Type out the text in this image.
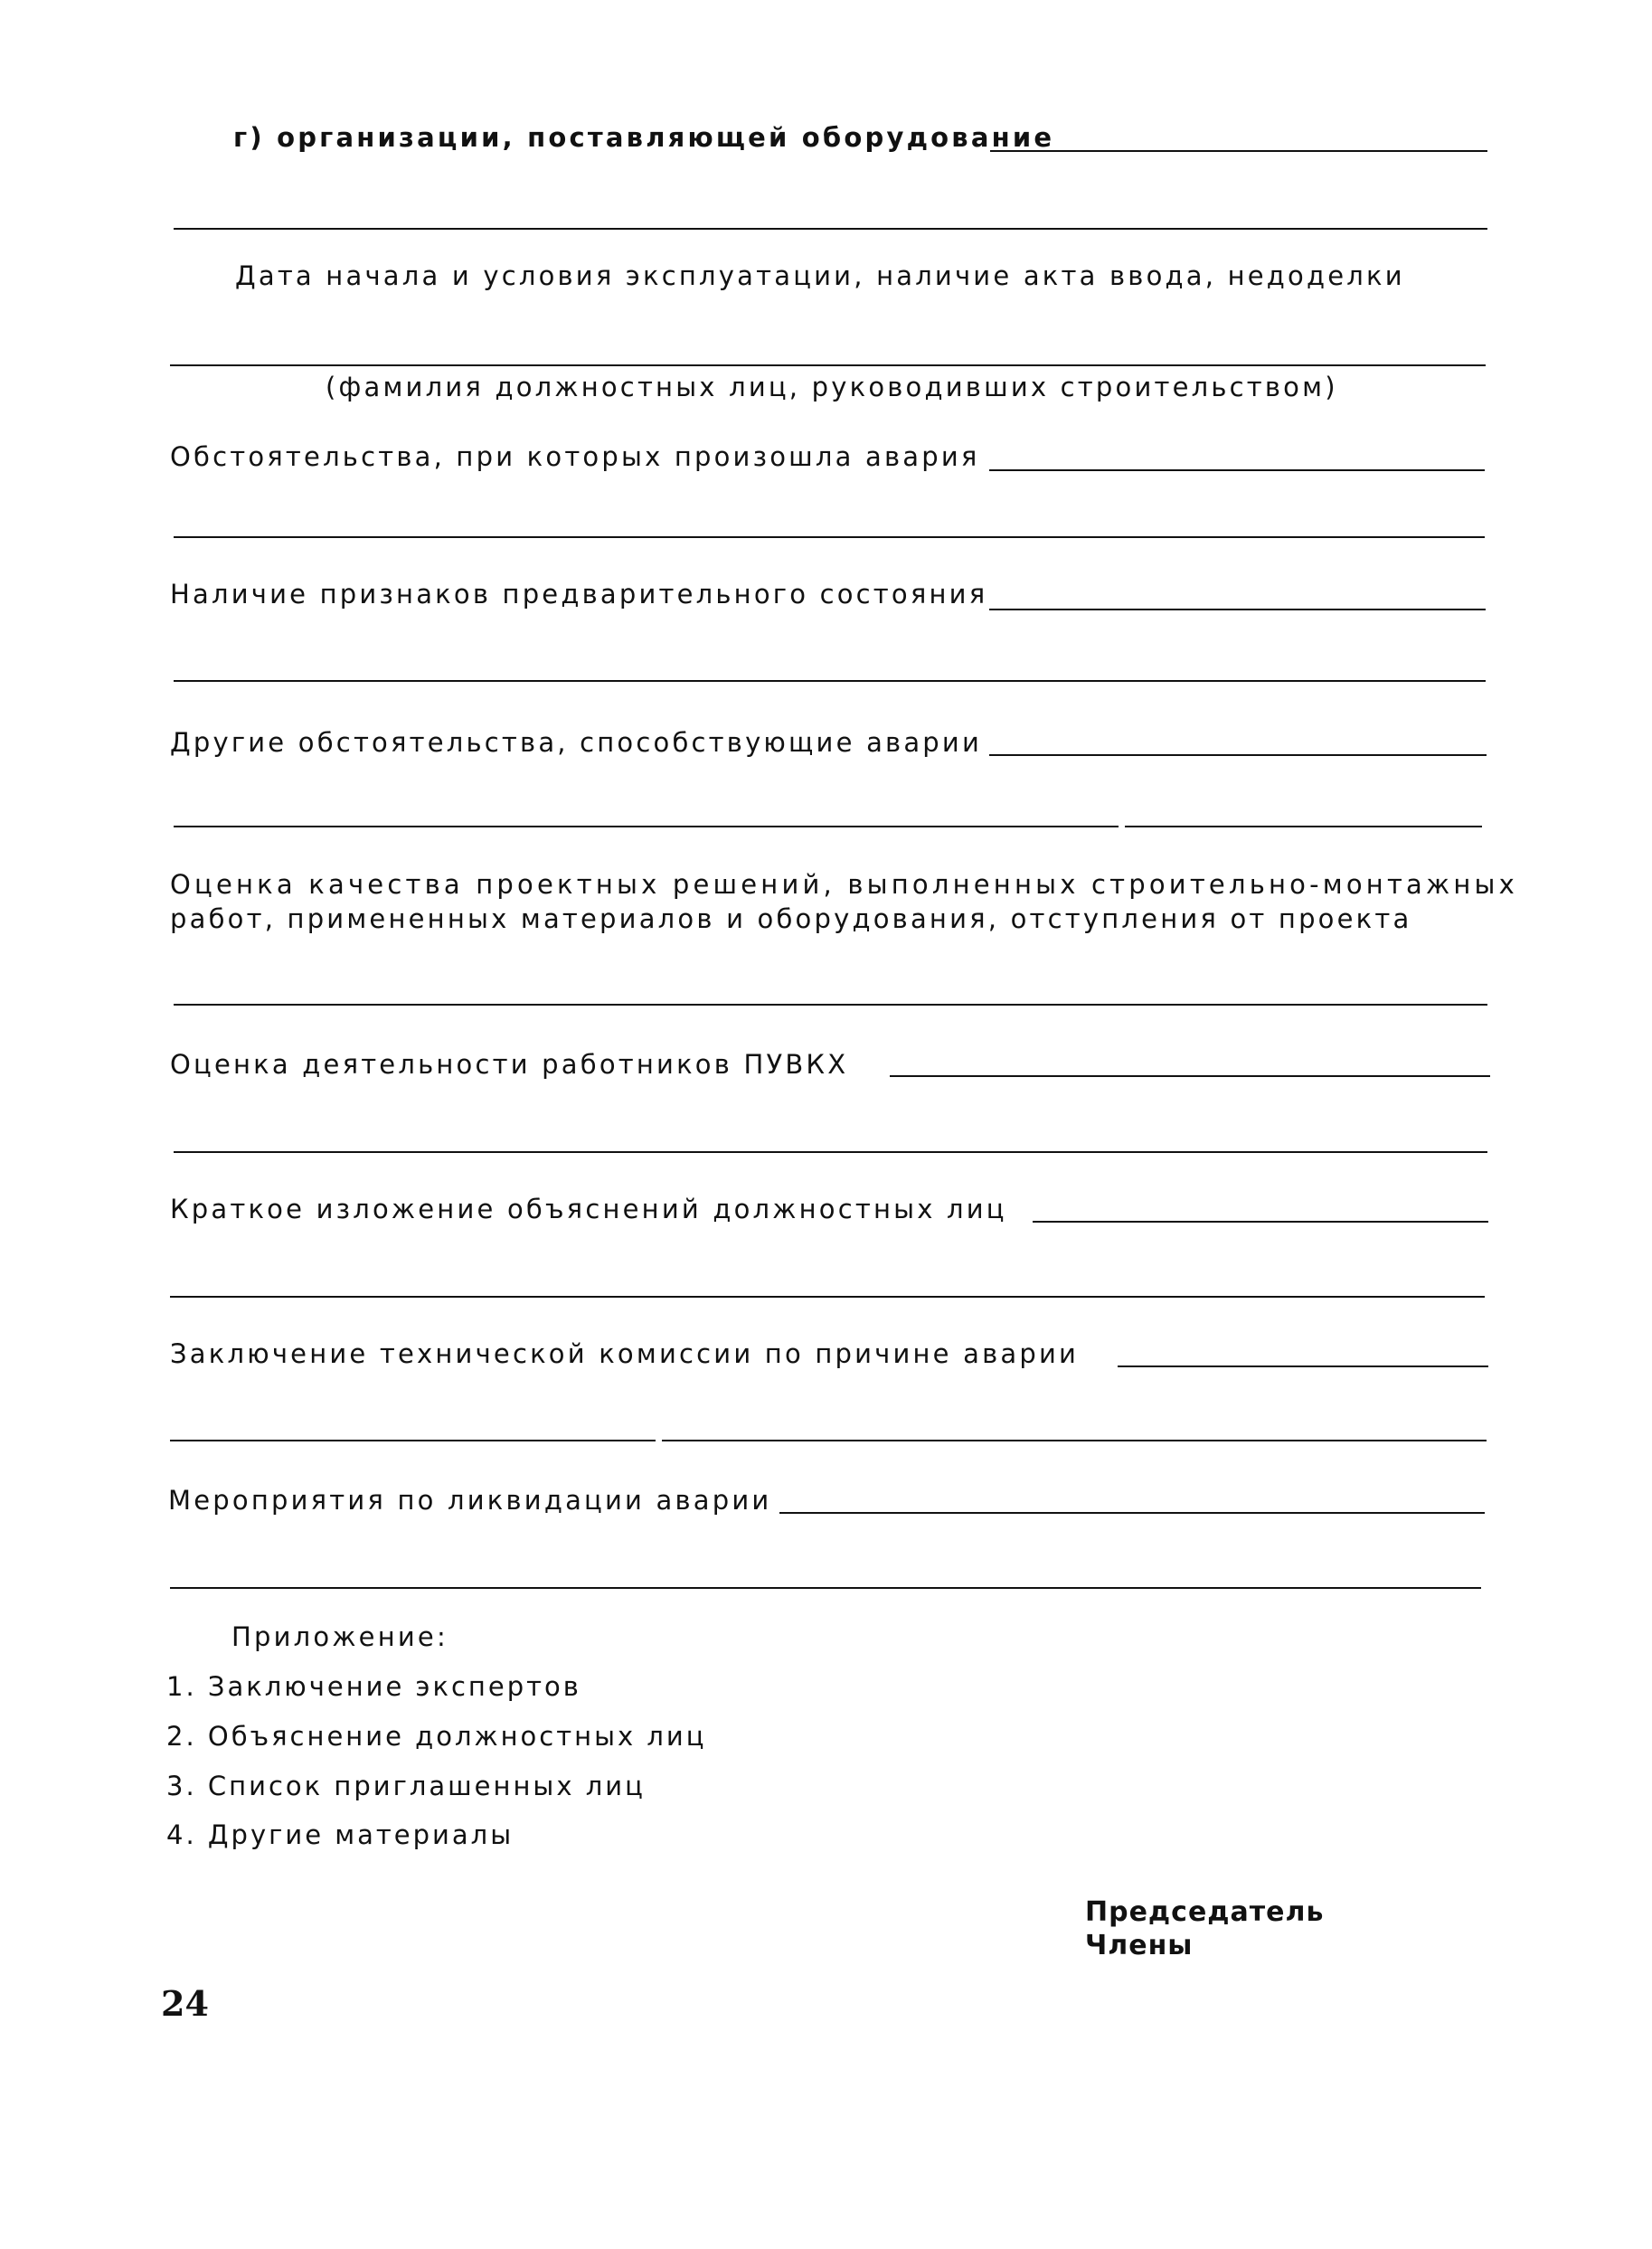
г) организации, поставляющей оборудование
Дата начала и условия эксплуатации, наличие акта ввода, недоделки
(фамилия должностных лиц, руководивших строительством)
Обстоятельства, при которых произошла авария
Наличие признаков предварительного состояния
Другие обстоятельства, способствующие аварии
Оценка качества проектных решений, выполненных строительно-монтажных
работ, примененных материалов и оборудования, отступления от проекта
Оценка деятельности работников ПУВКХ
Краткое изложение объяснений должностных лиц
Заключение технической комиссии по причине аварии
Мероприятия по ликвидации аварии
Приложение:
1. Заключение экспертов
2. Объяснение должностных лиц
3. Список приглашенных лиц
4. Другие материалы
Председатель
Члены
24
